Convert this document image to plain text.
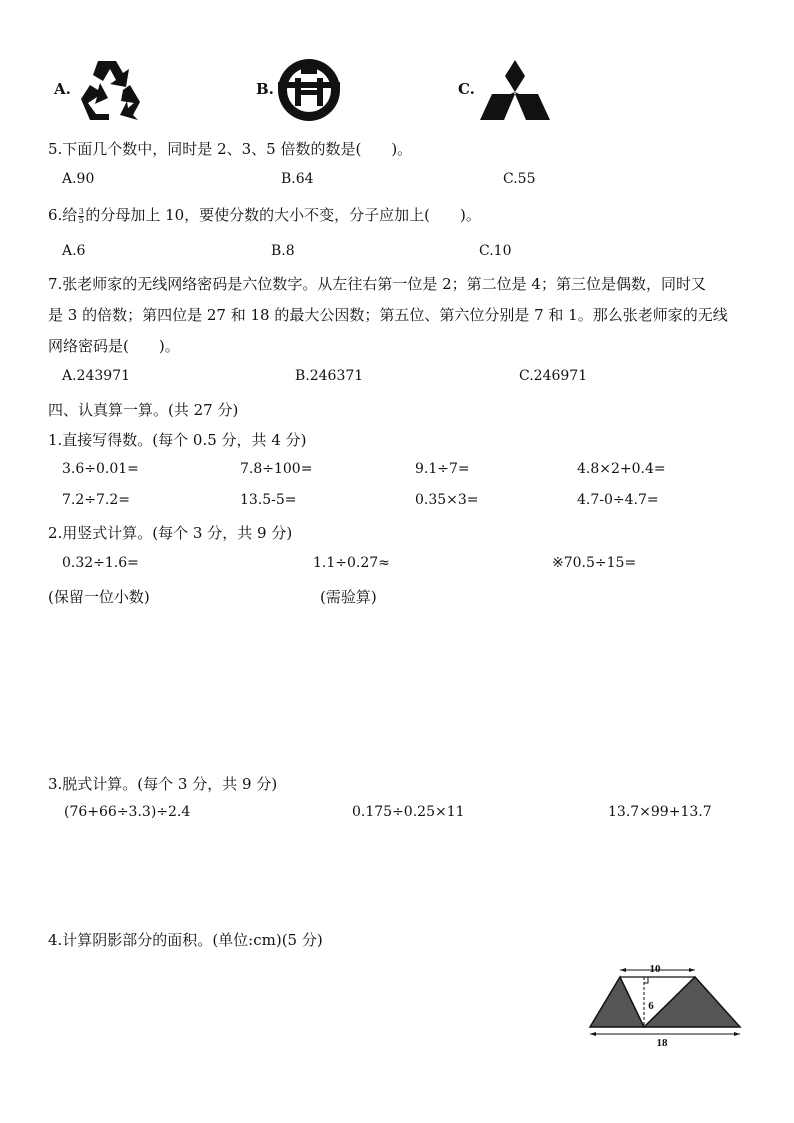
A.	B.	C.
5.下面几个数中，同时是 2、3、5 倍数的数是(　　)。
A.90	B.64	C.55
6.给 $\frac{3}{5}$ 的分母加上 10，要使分数的大小不变，分子应加上(　　)。
A.6	B.8	C.10
7.张老师家的无线网络密码是六位数字。从左往右第一位是 2；第二位是 4；第三位是偶数，同时又
是 3 的倍数；第四位是 27 和 18 的最大公因数；第五位、第六位分别是 7 和 1。那么张老师家的无线
网络密码是(　　)。
A.243971	B.246371	C.246971
四、认真算一算。(共 27 分)
1.直接写得数。(每个 0.5 分，共 4 分)
3.6÷0.01=	7.8÷100=	9.1÷7=	4.8×2+0.4=
7.2÷7.2=	13.5-5=	0.35×3=	4.7-0÷4.7=
2.用竖式计算。(每个 3 分，共 9 分)
0.32÷1.6=	1.1÷0.27≈	※70.5÷15=
(保留一位小数)	(需验算)
3.脱式计算。(每个 3 分，共 9 分)
(76+66÷3.3)÷2.4	0.175÷0.25×11	13.7×99+13.7
4.计算阴影部分的面积。(单位:cm)(5 分)
10
6
18
